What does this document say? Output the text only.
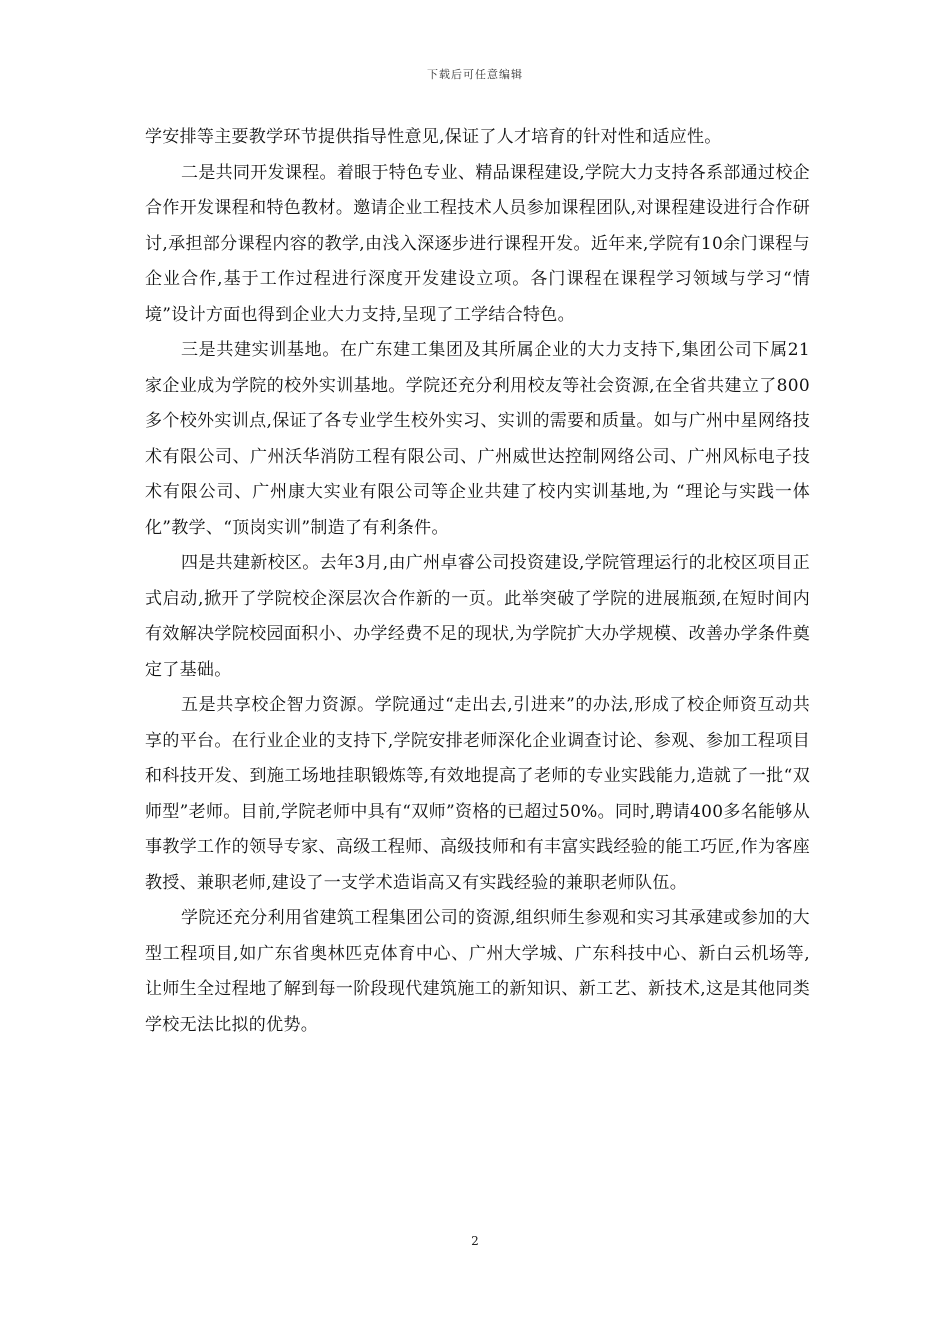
下载后可任意编辑

学安排等主要教学环节提供指导性意见,保证了人才培育的针对性和适应性。

二是共同开发课程。着眼于特色专业、精品课程建设,学院大力支持各系部通过校企合作开发课程和特色教材。邀请企业工程技术人员参加课程团队,对课程建设进行合作研讨,承担部分课程内容的教学,由浅入深逐步进行课程开发。近年来,学院有10余门课程与企业合作,基于工作过程进行深度开发建设立项。各门课程在课程学习领域与学习“情境”设计方面也得到企业大力支持,呈现了工学结合特色。

三是共建实训基地。在广东建工集团及其所属企业的大力支持下,集团公司下属21家企业成为学院的校外实训基地。学院还充分利用校友等社会资源,在全省共建立了800多个校外实训点,保证了各专业学生校外实习、实训的需要和质量。如与广州中星网络技术有限公司、广州沃华消防工程有限公司、广州威世达控制网络公司、广州风标电子技术有限公司、广州康大实业有限公司等企业共建了校内实训基地,为 “理论与实践一体化”教学、“顶岗实训”制造了有利条件。

四是共建新校区。去年3月,由广州卓睿公司投资建设,学院管理运行的北校区项目正式启动,掀开了学院校企深层次合作新的一页。此举突破了学院的进展瓶颈,在短时间内有效解决学院校园面积小、办学经费不足的现状,为学院扩大办学规模、改善办学条件奠定了基础。

五是共享校企智力资源。学院通过“走出去,引进来”的办法,形成了校企师资互动共享的平台。在行业企业的支持下,学院安排老师深化企业调查讨论、参观、参加工程项目和科技开发、到施工场地挂职锻炼等,有效地提高了老师的专业实践能力,造就了一批“双师型”老师。目前,学院老师中具有“双师”资格的已超过50%。同时,聘请400多名能够从事教学工作的领导专家、高级工程师、高级技师和有丰富实践经验的能工巧匠,作为客座教授、兼职老师,建设了一支学术造诣高又有实践经验的兼职老师队伍。

学院还充分利用省建筑工程集团公司的资源,组织师生参观和实习其承建或参加的大型工程项目,如广东省奥林匹克体育中心、广州大学城、广东科技中心、新白云机场等,让师生全过程地了解到每一阶段现代建筑施工的新知识、新工艺、新技术,这是其他同类学校无法比拟的优势。

2
